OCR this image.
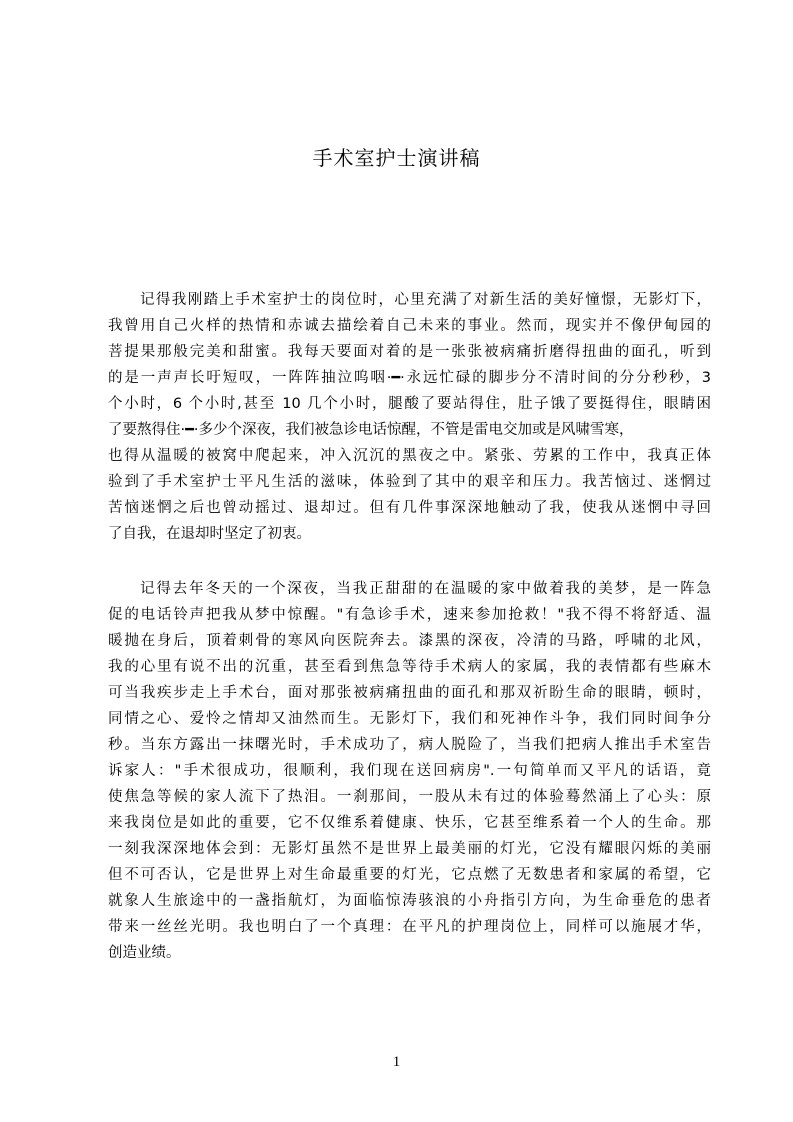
手术室护士演讲稿
记得我刚踏上手术室护士的岗位时，心里充满了对新生活的美好憧憬，无影灯下，
我曾用自己火样的热情和赤诚去描绘着自己未来的事业。然而，现实并不像伊甸园的
菩提果那般完美和甜蜜。我每天要面对着的是一张张被病痛折磨得扭曲的面孔，听到
的是一声声长吁短叹，一阵阵抽泣呜咽·━·永远忙碌的脚步分不清时间的分分秒秒，3
个小时，6 个小时,甚至 10 几个小时，腿酸了要站得住，肚子饿了要挺得住，眼睛困
了要熬得住·━·多少个深夜，我们被急诊电话惊醒，不管是雷电交加或是风啸雪寒，
也得从温暖的被窝中爬起来，冲入沉沉的黑夜之中。紧张、劳累的工作中，我真正体
验到了手术室护士平凡生活的滋味，体验到了其中的艰辛和压力。我苦恼过、迷惘过
苦恼迷惘之后也曾动摇过、退却过。但有几件事深深地触动了我，使我从迷惘中寻回
了自我，在退却时坚定了初衷。
记得去年冬天的一个深夜，当我正甜甜的在温暖的家中做着我的美梦，是一阵急
促的电话铃声把我从梦中惊醒。"有急诊手术，速来参加抢救！"我不得不将舒适、温
暖抛在身后，顶着刺骨的寒风向医院奔去。漆黑的深夜，冷清的马路，呼啸的北风，
我的心里有说不出的沉重，甚至看到焦急等待手术病人的家属，我的表情都有些麻木
可当我疾步走上手术台，面对那张被病痛扭曲的面孔和那双祈盼生命的眼睛，顿时，
同情之心、爱怜之情却又油然而生。无影灯下，我们和死神作斗争，我们同时间争分
秒。当东方露出一抹曙光时，手术成功了，病人脱险了，当我们把病人推出手术室告
诉家人："手术很成功，很顺利，我们现在送回病房".一句简单而又平凡的话语，竟
使焦急等候的家人流下了热泪。一刹那间，一股从未有过的体验蓦然涌上了心头：原
来我岗位是如此的重要，它不仅维系着健康、快乐，它甚至维系着一个人的生命。那
一刻我深深地体会到：无影灯虽然不是世界上最美丽的灯光，它没有耀眼闪烁的美丽
但不可否认，它是世界上对生命最重要的灯光，它点燃了无数患者和家属的希望，它
就象人生旅途中的一盏指航灯，为面临惊涛骇浪的小舟指引方向，为生命垂危的患者
带来一丝丝光明。我也明白了一个真理：在平凡的护理岗位上，同样可以施展才华，
创造业绩。
1
